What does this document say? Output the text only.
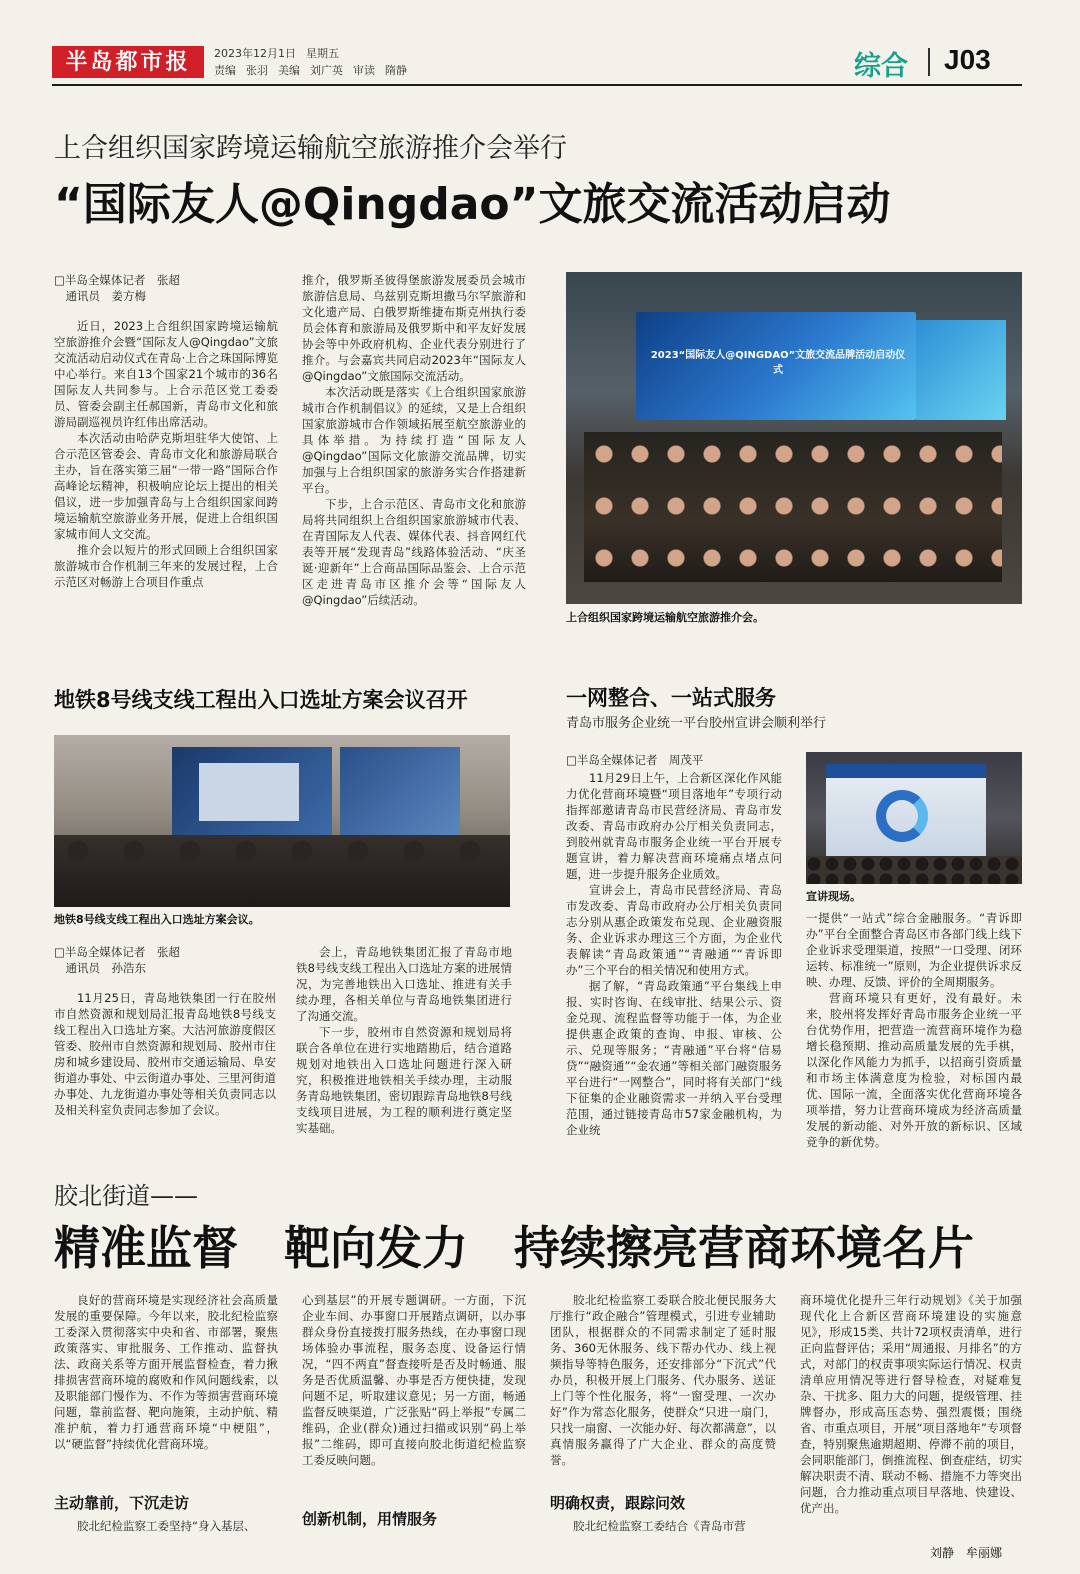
半岛都市报	2023年12月1日 星期五
责编 张羽 美编 刘广英 审读 隋静	综合 J03
上合组织国家跨境运输航空旅游推介会举行
“国际友人@Qingdao”文旅交流活动启动
□半岛全媒体记者　张超
　通讯员　姜方梅

近日，2023上合组织国家跨境运输航空旅游推介会暨“国际友人@Qingdao”文旅交流活动启动仪式在青岛·上合之珠国际博览中心举行。来自13个国家21个城市的36名国际友人共同参与。上合示范区党工委委员、管委会副主任郝国新，青岛市文化和旅游局副巡视员许红伟出席活动。

本次活动由哈萨克斯坦驻华大使馆、上合示范区管委会、青岛市文化和旅游局联合主办，旨在落实第三届“一带一路”国际合作高峰论坛精神，积极响应论坛上提出的相关倡议，进一步加强青岛与上合组织国家间跨境运输航空旅游业务开展，促进上合组织国家城市间人文交流。

推介会以短片的形式回顾上合组织国家旅游城市合作机制三年来的发展过程，上合示范区对畅游上合项目作重点

推介，俄罗斯圣彼得堡旅游发展委员会城市旅游信息局、乌兹别克斯坦撒马尔罕旅游和文化遗产局、白俄罗斯维捷布斯克州执行委员会体育和旅游局及俄罗斯中和平友好发展协会等中外政府机构、企业代表分别进行了推介。与会嘉宾共同启动2023年“国际友人@Qingdao”文旅国际交流活动。

本次活动既是落实《上合组织国家旅游城市合作机制倡议》的延续，又是上合组织国家旅游城市合作领域拓展至航空旅游业的具体举措。为持续打造“国际友人@Qingdao”国际文化旅游交流品牌，切实加强与上合组织国家的旅游务实合作搭建新平台。

下步，上合示范区、青岛市文化和旅游局将共同组织上合组织国家旅游城市代表、在青国际友人代表、媒体代表、抖音网红代表等开展“发现青岛”线路体验活动、“庆圣诞·迎新年”上合商品国际品鉴会、上合示范区走进青岛市区推介会等“国际友人@Qingdao”后续活动。

2023“国际友人@QINGDAO”文旅交流品牌活动启动仪式
上合组织国家跨境运输航空旅游推介会。
地铁8号线支线工程出入口选址方案会议召开
地铁8号线支线工程出入口选址方案会议。
□半岛全媒体记者　张超
　通讯员　孙浩东

11月25日，青岛地铁集团一行在胶州市自然资源和规划局汇报青岛地铁8号线支线工程出入口选址方案。大沽河旅游度假区管委、胶州市自然资源和规划局、胶州市住房和城乡建设局、胶州市交通运输局、阜安街道办事处、中云街道办事处、三里河街道办事处、九龙街道办事处等相关负责同志以及相关科室负责同志参加了会议。

会上，青岛地铁集团汇报了青岛市地铁8号线支线工程出入口选址方案的进展情况，为完善地铁出入口选址、推进有关手续办理，各相关单位与青岛地铁集团进行了沟通交流。

下一步，胶州市自然资源和规划局将联合各单位在进行实地踏勘后，结合道路规划对地铁出入口选址问题进行深入研究，积极推进地铁相关手续办理，主动服务青岛地铁集团，密切跟踪青岛地铁8号线支线项目进展，为工程的顺利进行奠定坚实基础。

一网整合、一站式服务
青岛市服务企业统一平台胶州宣讲会顺利举行
□半岛全媒体记者　周茂平

11月29日上午，上合新区深化作风能力优化营商环境暨“项目落地年”专项行动指挥部邀请青岛市民营经济局、青岛市发改委、青岛市政府办公厅相关负责同志，到胶州就青岛市服务企业统一平台开展专题宣讲，着力解决营商环境痛点堵点问题，进一步提升服务企业质效。

宣讲会上，青岛市民营经济局、青岛市发改委、青岛市政府办公厅相关负责同志分别从惠企政策发布兑现、企业融资服务、企业诉求办理这三个方面，为企业代表解读“青岛政策通”“青融通”“青诉即办”三个平台的相关情况和使用方式。

据了解，“青岛政策通”平台集线上申报、实时咨询、在线审批、结果公示、资金兑现、流程监督等功能于一体，为企业提供惠企政策的查询、申报、审核、公示、兑现等服务；“青融通”平台将“信易贷”“融资通”“金农通”等相关部门融资服务平台进行“一网整合”，同时将有关部门“线下征集的企业融资需求一并纳入平台受理范围，通过链接青岛市57家金融机构，为企业统

宣讲现场。

一提供“一站式”综合金融服务。“青诉即办”平台全面整合青岛区市各部门线上线下企业诉求受理渠道，按照“一口受理、闭环运转、标准统一”原则，为企业提供诉求反映、办理、反馈、评价的全周期服务。

营商环境只有更好，没有最好。未来，胶州将发挥好青岛市服务企业统一平台优势作用，把营造一流营商环境作为稳增长稳预期、推动高质量发展的先手棋，以深化作风能力为抓手，以招商引资质量和市场主体满意度为检验，对标国内最优、国际一流，全面落实优化营商环境各项举措，努力让营商环境成为经济高质量发展的新动能、对外开放的新标识、区域竞争的新优势。

胶北街道——
精准监督　靶向发力　持续擦亮营商环境名片

良好的营商环境是实现经济社会高质量发展的重要保障。今年以来，胶北纪检监察工委深入贯彻落实中央和省、市部署，聚焦政策落实、审批服务、工作推动、监督执法、政商关系等方面开展监督检查，着力揪排损害营商环境的腐败和作风问题线索，以及职能部门慢作为、不作为等损害营商环境问题，靠前监督、靶向施策，主动护航、精准护航，着力打通营商环境“中梗阻”，以“硬监督”持续优化营商环境。

主动靠前，下沉走访

胶北纪检监察工委坚持“身入基层、

心到基层”的开展专题调研。一方面，下沉企业车间、办事窗口开展踏点调研，以办事群众身份直接拨打服务热线，在办事窗口现场体验办事流程，服务态度、设备运行情况，“四不两直”督查接听是否及时畅通、服务是否优质温馨、办事是否方便快捷，发现问题不足，听取建议意见；另一方面，畅通监督反映渠道，广泛张贴“码上举报”专属二维码，企业(群众)通过扫描或识别“码上举报”二维码，即可直接向胶北街道纪检监察工委反映问题。

创新机制，用情服务

胶北纪检监察工委联合胶北便民服务大厅推行“政企融合”管理模式，引进专业辅助团队，根据群众的不同需求制定了延时服务、360无休服务、线下帮办代办、线上视频指导等特色服务，还安排部分“下沉式”代办员，积极开展上门服务、代办服务、送证上门等个性化服务，将“一窗受理、一次办好”作为常态化服务，使群众“只进一扇门，只找一扇窗、一次能办好、每次都满意”，以真情服务赢得了广大企业、群众的高度赞誉。

明确权责，跟踪问效

胶北纪检监察工委结合《青岛市营

商环境优化提升三年行动规划》《关于加强现代化上合新区营商环境建设的实施意见》，形成15类、共计72项权责清单，进行正向监督评估；采用“周通报、月排名”的方式，对部门的权责事项实际运行情况、权责清单应用情况等进行督导检查，对疑难复杂、干扰多、阻力大的问题，提级管理、挂牌督办，形成高压态势、强烈震慑；围绕省、市重点项目，开展“项目落地年”专项督查，特别聚焦逾期超期、停滞不前的项目，会同职能部门，倒推流程、倒查症结，切实解决职责不清、联动不畅、措施不力等突出问题，合力推动重点项目早落地、快建设、优产出。

刘静　牟丽娜
